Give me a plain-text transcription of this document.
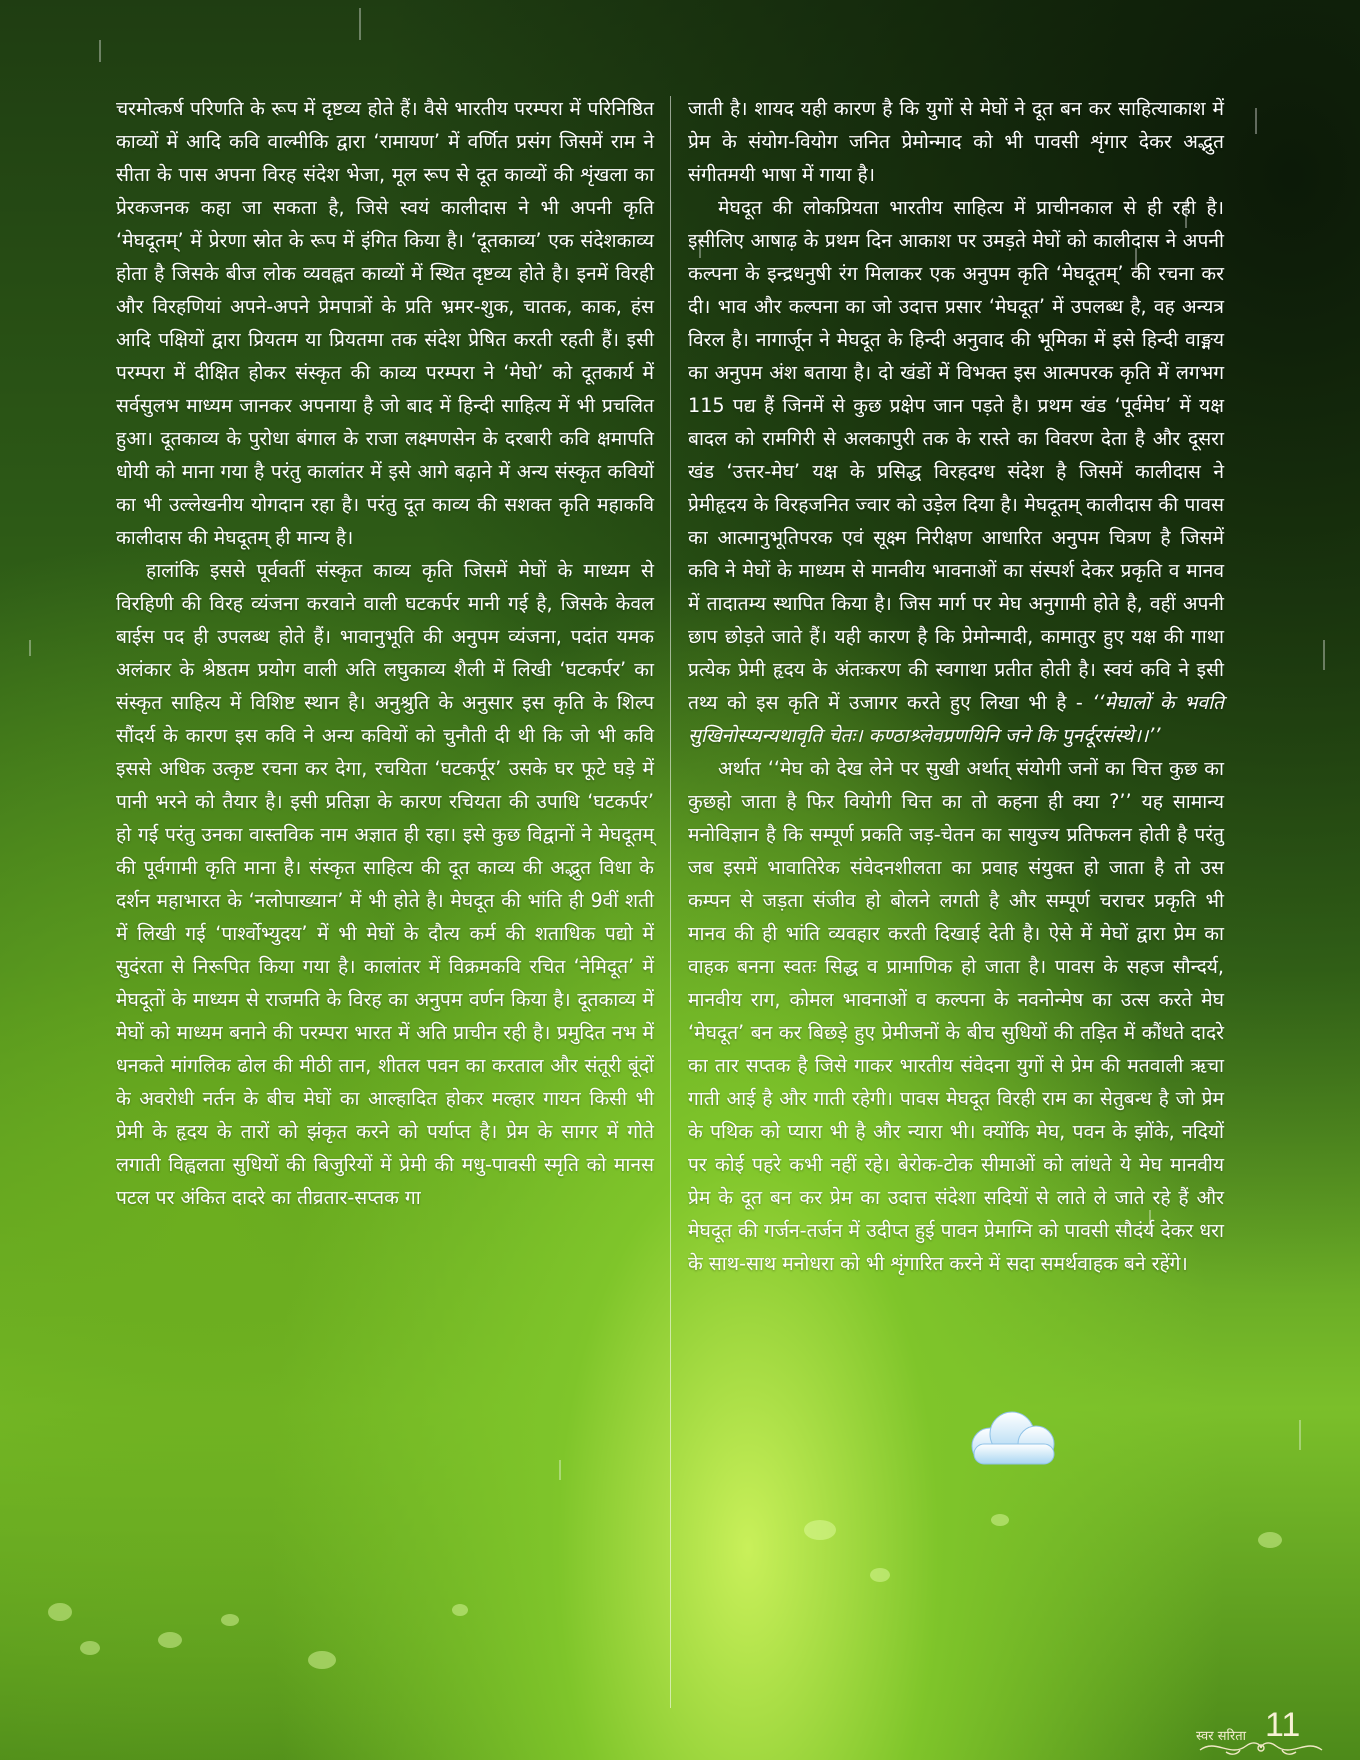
चरमोत्कर्ष परिणति के रूप में दृष्टव्य होते हैं। वैसे भारतीय परम्परा में परिनिष्ठित काव्यों में आदि कवि वाल्मीकि द्वारा ‘रामायण’ में वर्णित प्रसंग जिसमें राम ने सीता के पास अपना विरह संदेश भेजा, मूल रूप से दूत काव्यों की शृंखला का प्रेरकजनक कहा जा सकता है, जिसे स्वयं कालीदास ने भी अपनी कृति ‘मेघदूतम्’ में प्रेरणा स्रोत के रूप में इंगित किया है। ‘दूतकाव्य’ एक संदेशकाव्य होता है जिसके बीज लोक व्यवह्वत काव्यों में स्थित दृष्टव्य होते है। इनमें विरही और विरहणियां अपने-अपने प्रेमपात्रों के प्रति भ्रमर-शुक, चातक, काक, हंस आदि पक्षियों द्वारा प्रियतम या प्रियतमा तक संदेश प्रेषित करती रहती हैं। इसी परम्परा में दीक्षित होकर संस्कृत की काव्य परम्परा ने ‘मेघो’ को दूतकार्य में सर्वसुलभ माध्यम जानकर अपनाया है जो बाद में हिन्दी साहित्य में भी प्रचलित हुआ। दूतकाव्य के पुरोधा बंगाल के राजा लक्ष्मणसेन के दरबारी कवि क्षमापति धोयी को माना गया है परंतु कालांतर में इसे आगे बढ़ाने में अन्य संस्कृत कवियों का भी उल्लेखनीय योगदान रहा है। परंतु दूत काव्य की सशक्त कृति महाकवि कालीदास की मेघदूतम् ही मान्य है।

हालांकि इससे पूर्ववर्ती संस्कृत काव्य कृति जिसमें मेघों के माध्यम से विरहिणी की विरह व्यंजना करवाने वाली घटकर्पर मानी गई है, जिसके केवल बाईस पद ही उपलब्ध होते हैं। भावानुभूति की अनुपम व्यंजना, पदांत यमक अलंकार के श्रेष्ठतम प्रयोग वाली अति लघुकाव्य शैली में लिखी ‘घटकर्पर’ का संस्कृत साहित्य में विशिष्ट स्थान है। अनुश्रुति के अनुसार इस कृति के शिल्प सौंदर्य के कारण इस कवि ने अन्य कवियों को चुनौती दी थी कि जो भी कवि इससे अधिक उत्कृष्ट रचना कर देगा, रचयिता ‘घटकर्पूर’ उसके घर फूटे घड़े में पानी भरने को तैयार है। इसी प्रतिज्ञा के कारण रचियता की उपाधि ‘घटकर्पर’ हो गई परंतु उनका वास्तविक नाम अज्ञात ही रहा। इसे कुछ विद्वानों ने मेघदूतम् की पूर्वगामी कृति माना है। संस्कृत साहित्य की दूत काव्य की अद्भुत विधा के दर्शन महाभारत के ‘नलोपाख्यान’ में भी होते है। मेघदूत की भांति ही 9वीं शती में लिखी गई ‘पार्श्वोभ्युदय’ में भी मेघों के दौत्य कर्म की शताधिक पद्यो में सुदंरता से निरूपित किया गया है। कालांतर में विक्रमकवि रचित ‘नेमिदूत’ में मेघदूतों के माध्यम से राजमति के विरह का अनुपम वर्णन किया है। दूतकाव्य में मेघों को माध्यम बनाने की परम्परा भारत में अति प्राचीन रही है। प्रमुदित नभ में धनकते मांगलिक ढोल की मीठी तान, शीतल पवन का करताल और संतूरी बूंदों के अवरोधी नर्तन के बीच मेघों का आल्हादित होकर मल्हार गायन किसी भी प्रेमी के हृदय के तारों को झंकृत करने को पर्याप्त है। प्रेम के सागर में गोते लगाती विह्वलता सुधियों की बिजुरियों में प्रेमी की मधु-पावसी स्मृति को मानस पटल पर अंकित दादरे का तीव्रतार-सप्तक गा

जाती है। शायद यही कारण है कि युगों से मेघों ने दूत बन कर साहित्याकाश में प्रेम के संयोग-वियोग जनित प्रेमोन्माद को भी पावसी शृंगार देकर अद्भुत संगीतमयी भाषा में गाया है।

मेघदूत की लोकप्रियता भारतीय साहित्य में प्राचीनकाल से ही रही है। इसीलिए आषाढ़ के प्रथम दिन आकाश पर उमड़ते मेघों को कालीदास ने अपनी कल्पना के इन्द्रधनुषी रंग मिलाकर एक अनुपम कृति ‘मेघदूतम्’ की रचना कर दी। भाव और कल्पना का जो उदात्त प्रसार ‘मेघदूत’ में उपलब्ध है, वह अन्यत्र विरल है। नागार्जून ने मेघदूत के हिन्दी अनुवाद की भूमिका में इसे हिन्दी वाङ्मय का अनुपम अंश बताया है। दो खंडों में विभक्त इस आत्मपरक कृति में लगभग 115 पद्य हैं जिनमें से कुछ प्रक्षेप जान पड़ते है। प्रथम खंड ‘पूर्वमेघ’ में यक्ष बादल को रामगिरी से अलकापुरी तक के रास्ते का विवरण देता है और दूसरा खंड ‘उत्तर-मेघ’ यक्ष के प्रसिद्ध विरहदग्ध संदेश है जिसमें कालीदास ने प्रेमीहृदय के विरहजनित ज्वार को उड़ेल दिया है। मेघदूतम् कालीदास की पावस का आत्मानुभूतिपरक एवं सूक्ष्म निरीक्षण आधारित अनुपम चित्रण है जिसमें कवि ने मेघों के माध्यम से मानवीय भावनाओं का संस्पर्श देकर प्रकृति व मानव में तादातम्य स्थापित किया है। जिस मार्ग पर मेघ अनुगामी होते है, वहीं अपनी छाप छोड़ते जाते हैं। यही कारण है कि प्रेमोन्मादी, कामातुर हुए यक्ष की गाथा प्रत्येक प्रेमी हृदय के अंतःकरण की स्वगाथा प्रतीत होती है। स्वयं कवि ने इसी तथ्य को इस कृति में उजागर करते हुए लिखा भी है - ‘‘मेघालों के भवति सुखिनोस्प्यन्यथावृति चेतः। कण्ठाश्र्लेवप्रणयिनि जने कि पुनर्दूरसंस्थे।।’’

अर्थात ‘‘मेघ को देख लेने पर सुखी अर्थात् संयोगी जनों का चित्त कुछ का कुछहो जाता है फिर वियोगी चित्त का तो कहना ही क्या ?’’ यह सामान्य मनोविज्ञान है कि सम्पूर्ण प्रकति जड़-चेतन का सायुज्य प्रतिफलन होती है परंतु जब इसमें भावातिरेक संवेदनशीलता का प्रवाह संयुक्त हो जाता है तो उस कम्पन से जड़ता संजीव हो बोलने लगती है और सम्पूर्ण चराचर प्रकृति भी मानव की ही भांति व्यवहार करती दिखाई देती है। ऐसे में मेघों द्वारा प्रेम का वाहक बनना स्वतः सिद्ध व प्रामाणिक हो जाता है। पावस के सहज सौन्दर्य, मानवीय राग, कोमल भावनाओं व कल्पना के नवनोन्मेष का उत्स करते मेघ ‘मेघदूत’ बन कर बिछड़े हुए प्रेमीजनों के बीच सुधियों की तड़ित में कौंधते दादरे का तार सप्तक है जिसे गाकर भारतीय संवेदना युगों से प्रेम की मतवाली ऋचा गाती आई है और गाती रहेगी। पावस मेघदूत विरही राम का सेतुबन्ध है जो प्रेम के पथिक को प्यारा भी है और न्यारा भी। क्योंकि मेघ, पवन के झोंके, नदियों पर कोई पहरे कभी नहीं रहे। बेरोक-टोक सीमाओं को लांधते ये मेघ मानवीय प्रेम के दूत बन कर प्रेम का उदात्त संदेशा सदियों से लाते ले जाते रहे हैं और मेघदूत की गर्जन-तर्जन में उदीप्त हुई पावन प्रेमाग्नि को पावसी सौदंर्य देकर धरा के साथ-साथ मनोधरा को भी शृंगारित करने में सदा समर्थवाहक बने रहेंगे।

स्वर सरिता 11
